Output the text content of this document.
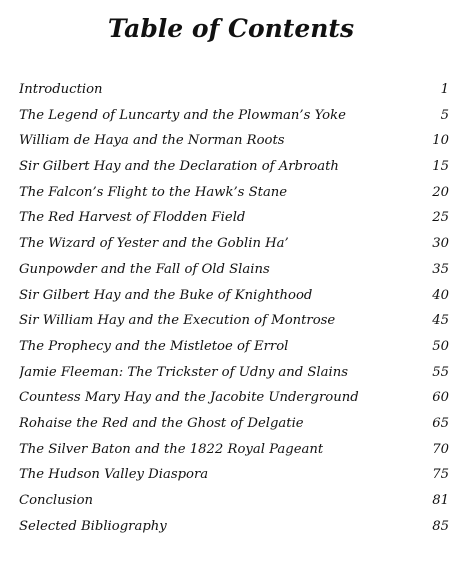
Table of Contents
Introduction	1
The Legend of Luncarty and the Plowman’s Yoke	5
William de Haya and the Norman Roots	10
Sir Gilbert Hay and the Declaration of Arbroath	15
The Falcon’s Flight to the Hawk’s Stane	20
The Red Harvest of Flodden Field	25
The Wizard of Yester and the Goblin Ha’	30
Gunpowder and the Fall of Old Slains	35
Sir Gilbert Hay and the Buke of Knighthood	40
Sir William Hay and the Execution of Montrose	45
The Prophecy and the Mistletoe of Errol	50
Jamie Fleeman: The Trickster of Udny and Slains	55
Countess Mary Hay and the Jacobite Underground	60
Rohaise the Red and the Ghost of Delgatie	65
The Silver Baton and the 1822 Royal Pageant	70
The Hudson Valley Diaspora	75
Conclusion	81
Selected Bibliography	85
